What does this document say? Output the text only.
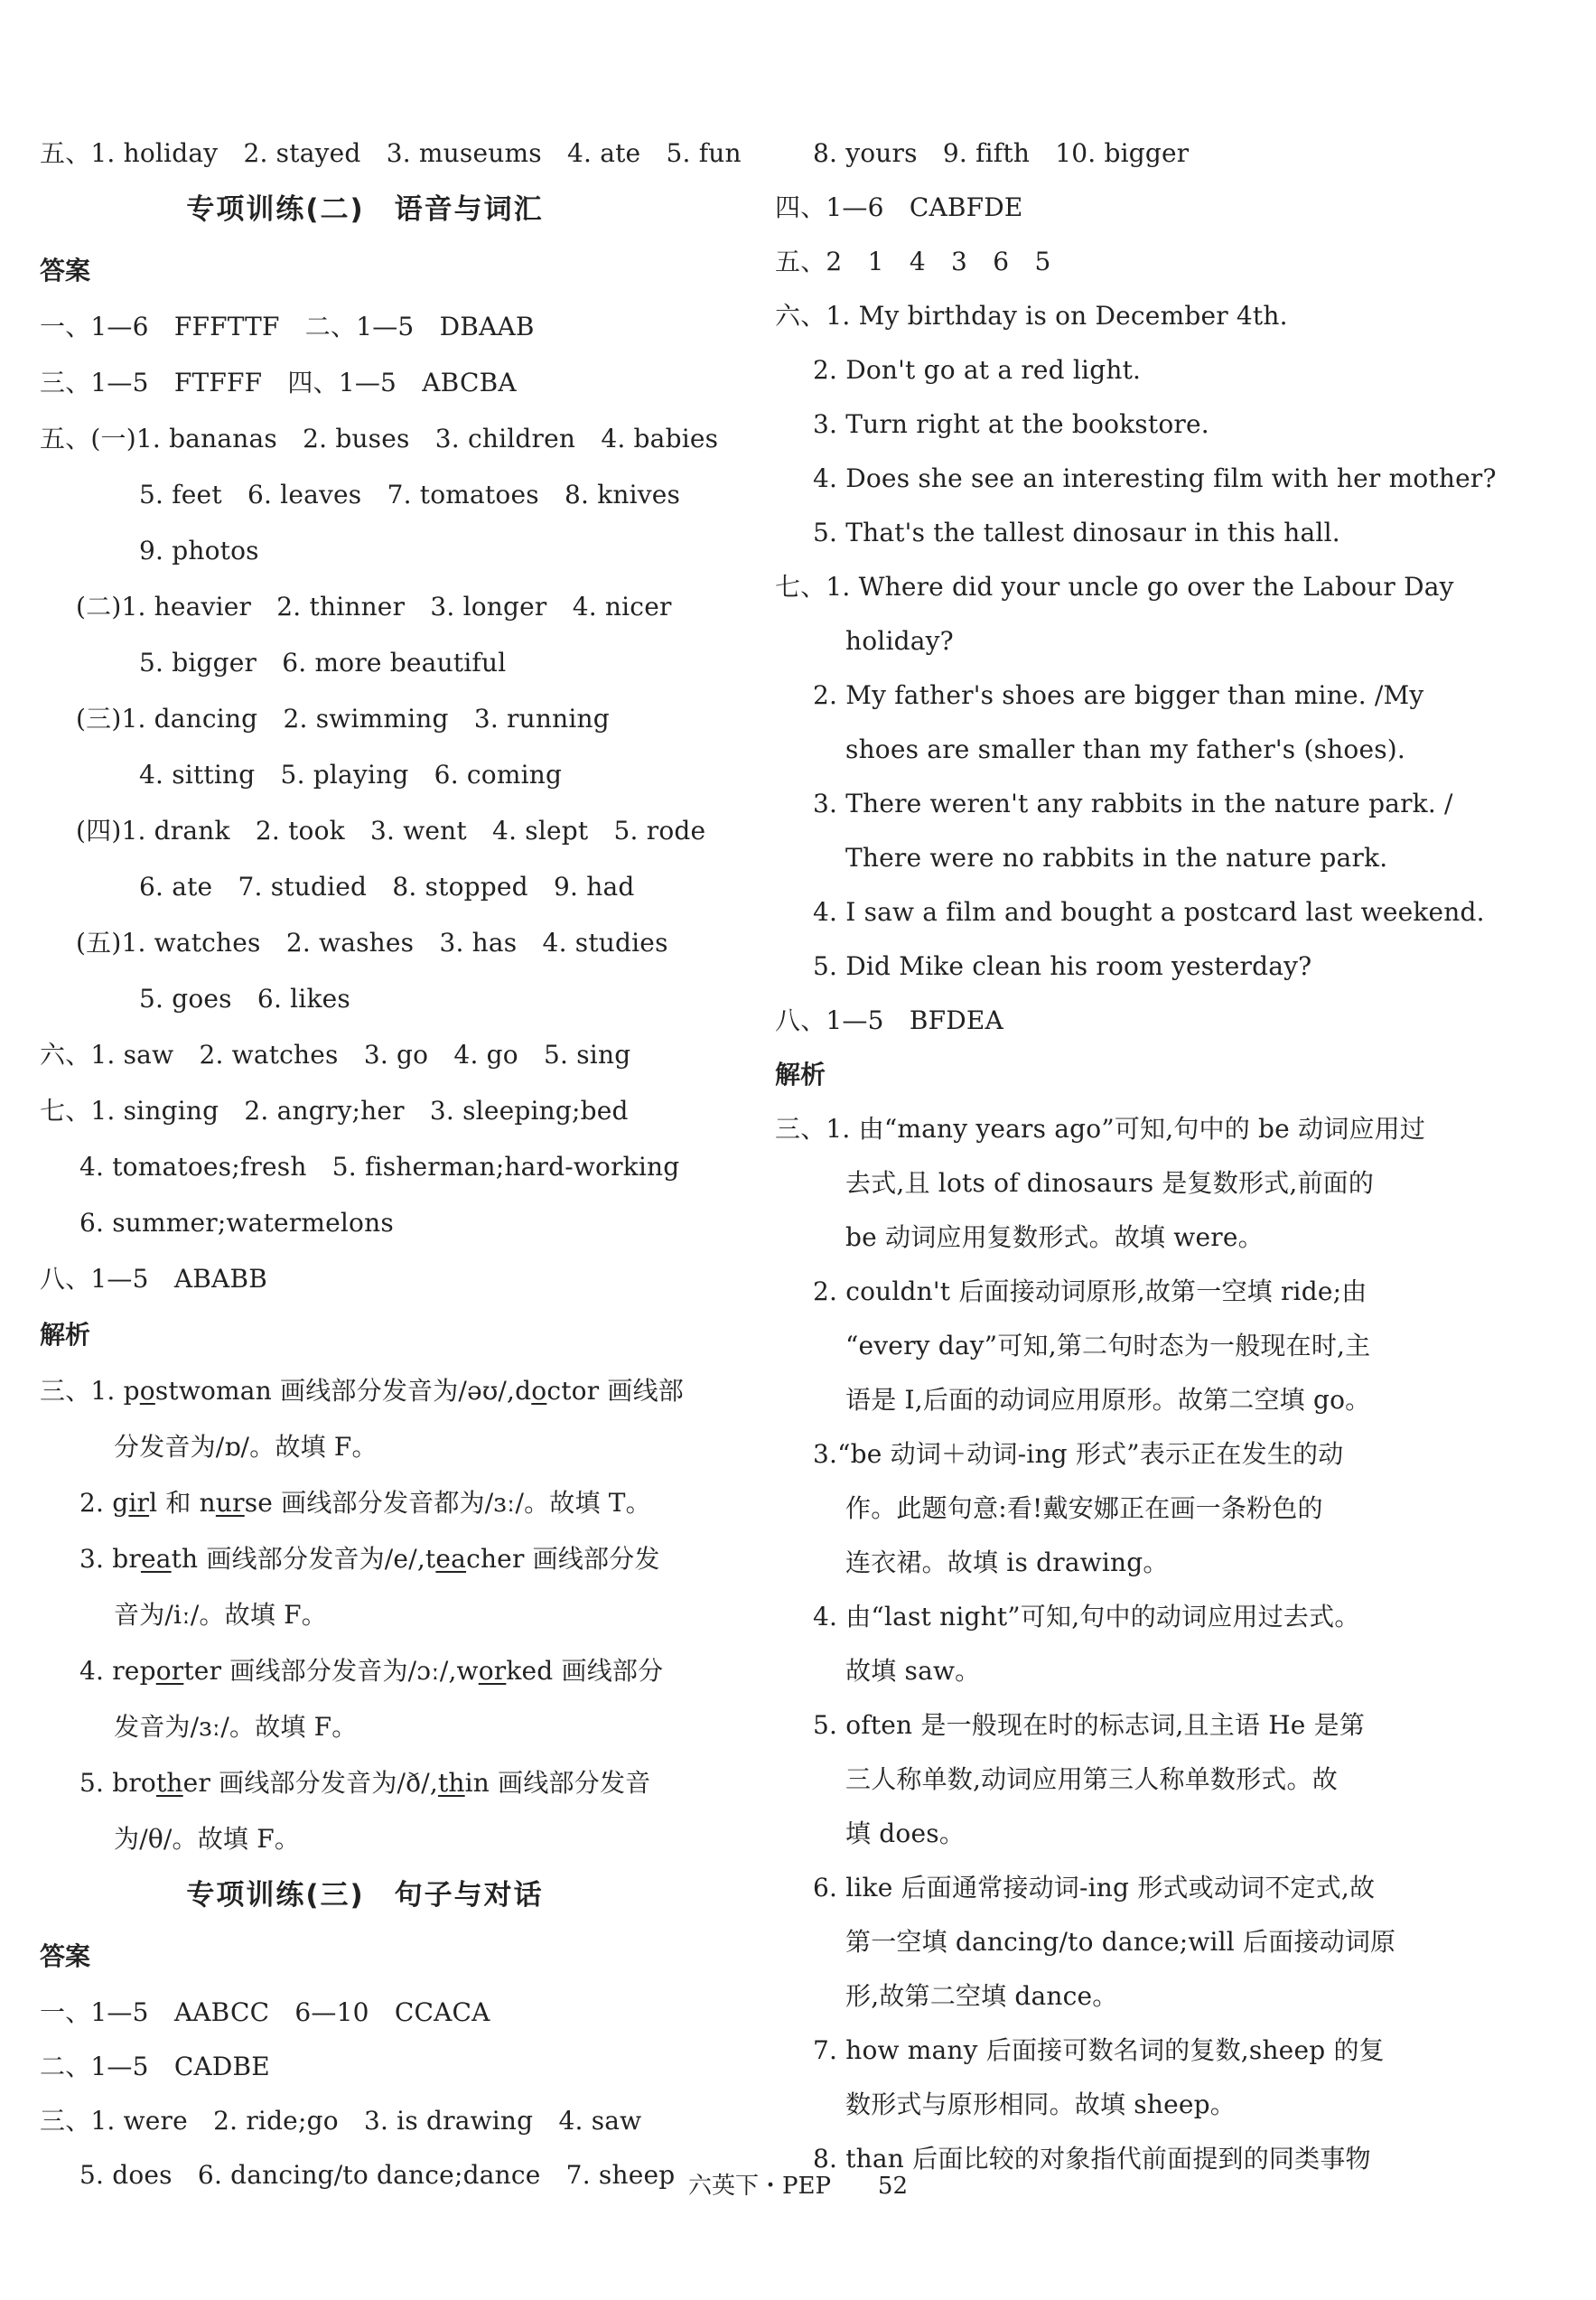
五、1. holiday　2. stayed　3. museums　4. ate　5. fun
专项训练(二)　语音与词汇
答案
一、1—6　FFFTTF　二、1—5　DBAAB
三、1—5　FTFFF　四、1—5　ABCBA
五、(一)1. bananas　2. buses　3. children　4. babies
5. feet　6. leaves　7. tomatoes　8. knives
9. photos
(二)1. heavier　2. thinner　3. longer　4. nicer
5. bigger　6. more beautiful
(三)1. dancing　2. swimming　3. running
4. sitting　5. playing　6. coming
(四)1. drank　2. took　3. went　4. slept　5. rode
6. ate　7. studied　8. stopped　9. had
(五)1. watches　2. washes　3. has　4. studies
5. goes　6. likes
六、1. saw　2. watches　3. go　4. go　5. sing
七、1. singing　2. angry;her　3. sleeping;bed
4. tomatoes;fresh　5. fisherman;hard-working
6. summer;watermelons
八、1—5　ABABB
解析
三、1. postwoman 画线部分发音为/əʊ/,doctor 画线部
分发音为/ɒ/。故填 F。
2. girl 和 nurse 画线部分发音都为/ɜː/。故填 T。
3. breath 画线部分发音为/e/,teacher 画线部分发
音为/iː/。故填 F。
4. reporter 画线部分发音为/ɔː/,worked 画线部分
发音为/ɜː/。故填 F。
5. brother 画线部分发音为/ð/,thin 画线部分发音
为/θ/。故填 F。
专项训练(三)　句子与对话
答案
一、1—5　AABCC　6—10　CCACA
二、1—5　CADBE
三、1. were　2. ride;go　3. is drawing　4. saw
5. does　6. dancing/to dance;dance　7. sheep
8. yours　9. fifth　10. bigger
四、1—6　CABFDE
五、2　1　4　3　6　5
六、1. My birthday is on December 4th.
2. Don't go at a red light.
3. Turn right at the bookstore.
4. Does she see an interesting film with her mother?
5. That's the tallest dinosaur in this hall.
七、1. Where did your uncle go over the Labour Day
holiday?
2. My father's shoes are bigger than mine. /My
shoes are smaller than my father's (shoes).
3. There weren't any rabbits in the nature park. /
There were no rabbits in the nature park.
4. I saw a film and bought a postcard last weekend.
5. Did Mike clean his room yesterday?
八、1—5　BFDEA
解析
三、1. 由“many years ago”可知,句中的 be 动词应用过
去式,且 lots of dinosaurs 是复数形式,前面的
be 动词应用复数形式。故填 were。
2. couldn't 后面接动词原形,故第一空填 ride;由
“every day”可知,第二句时态为一般现在时,主
语是 I,后面的动词应用原形。故第二空填 go。
3.“be 动词＋动词-ing 形式”表示正在发生的动
作。此题句意:看!戴安娜正在画一条粉色的
连衣裙。故填 is drawing。
4. 由“last night”可知,句中的动词应用过去式。
故填 saw。
5. often 是一般现在时的标志词,且主语 He 是第
三人称单数,动词应用第三人称单数形式。故
填 does。
6. like 后面通常接动词-ing 形式或动词不定式,故
第一空填 dancing/to dance;will 后面接动词原
形,故第二空填 dance。
7. how many 后面接可数名词的复数,sheep 的复
数形式与原形相同。故填 sheep。
8. than 后面比较的对象指代前面提到的同类事物
六英下・PEP　　52
